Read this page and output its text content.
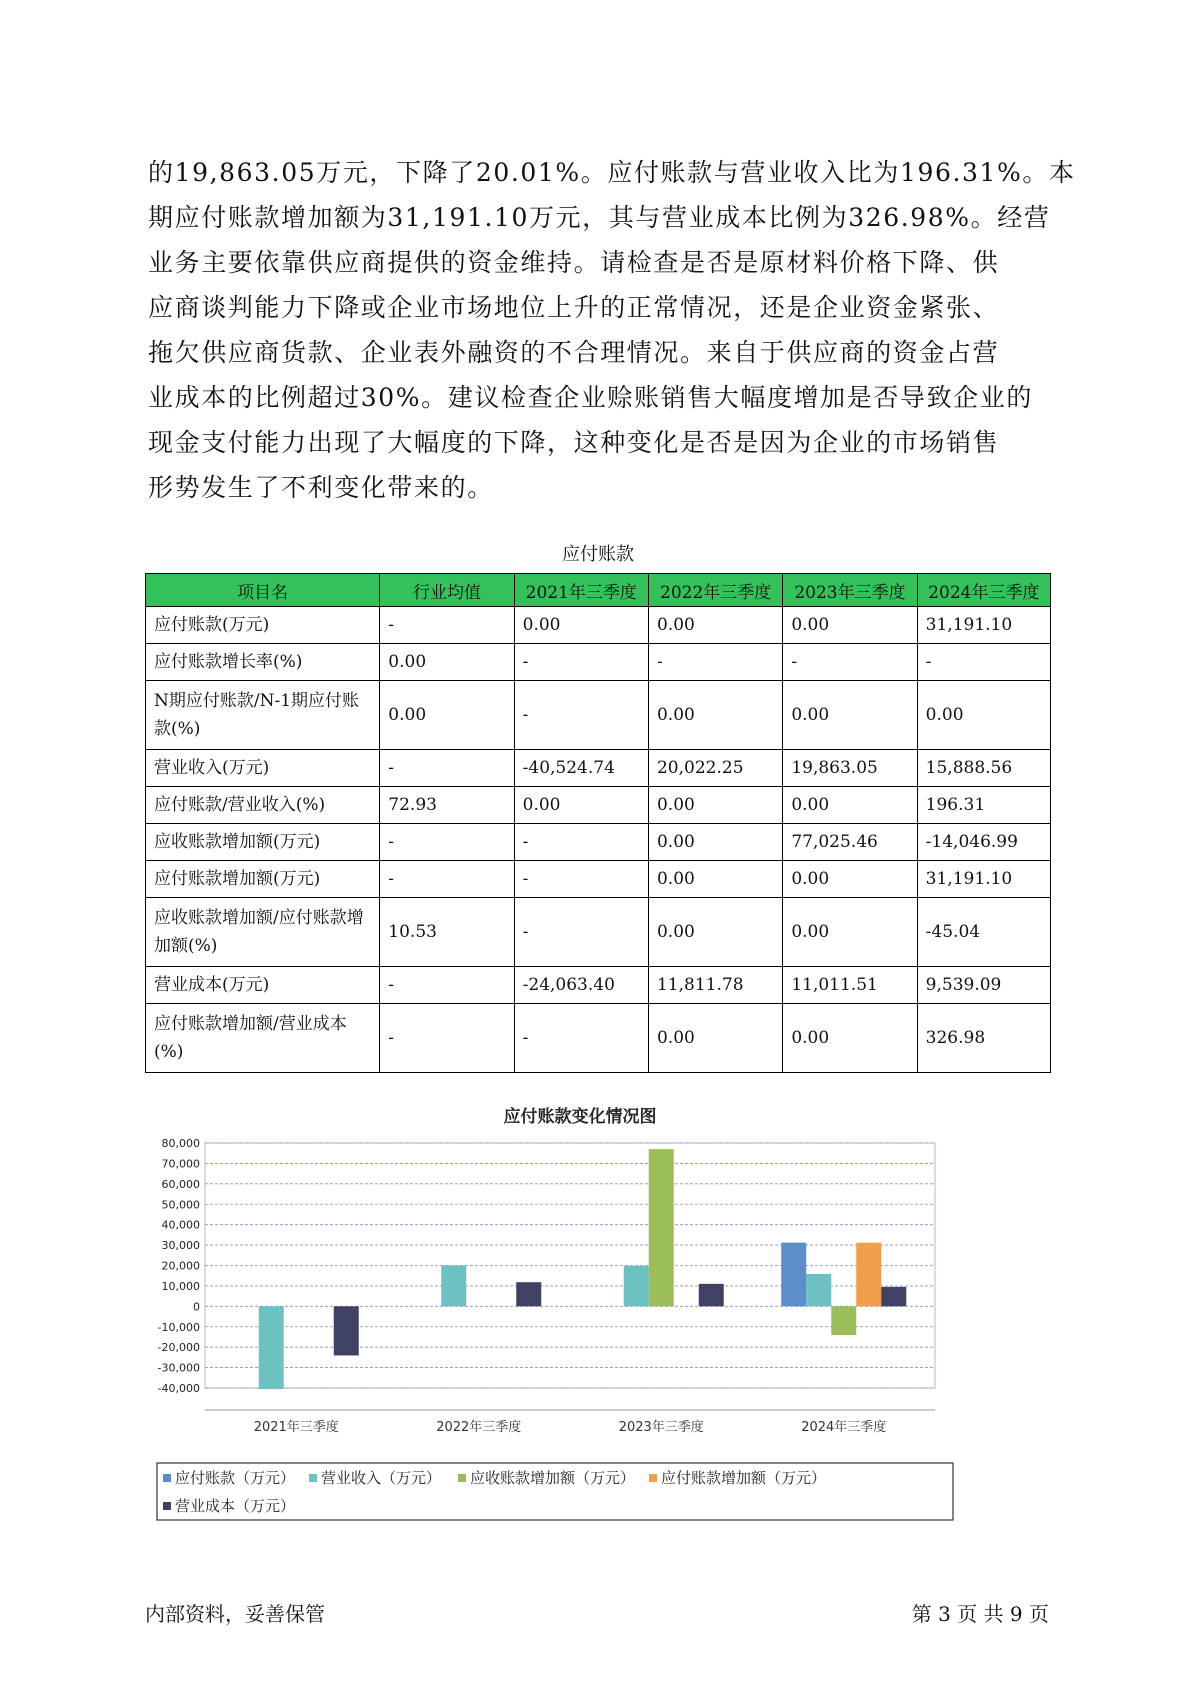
的19,863.05万元，下降了20.01%。应付账款与营业收入比为196.31%。本
期应付账款增加额为31,191.10万元，其与营业成本比例为326.98%。经营
业务主要依靠供应商提供的资金维持。请检查是否是原材料价格下降、供
应商谈判能力下降或企业市场地位上升的正常情况，还是企业资金紧张、
拖欠供应商货款、企业表外融资的不合理情况。来自于供应商的资金占营
业成本的比例超过30%。建议检查企业赊账销售大幅度增加是否导致企业的
现金支付能力出现了大幅度的下降，这种变化是否是因为企业的市场销售
形势发生了不利变化带来的。

应付账款
项目名	行业均值	2021年三季度	2022年三季度	2023年三季度	2024年三季度
应付账款(万元)	-	0.00	0.00	0.00	31,191.10
应付账款增长率(%)	0.00	-	-	-	-
N期应付账款/N-1期应付账款(%)	0.00	-	0.00	0.00	0.00
营业收入(万元)	-	-40,524.74	20,022.25	19,863.05	15,888.56
应付账款/营业收入(%)	72.93	0.00	0.00	0.00	196.31
应收账款增加额(万元)	-	-	0.00	77,025.46	-14,046.99
应付账款增加额(万元)	-	-	0.00	0.00	31,191.10
应收账款增加额/应付账款增加额(%)	10.53	-	0.00	0.00	-45.04
营业成本(万元)	-	-24,063.40	11,811.78	11,011.51	9,539.09
应付账款增加额/营业成本(%)	-	-	0.00	0.00	326.98
应付账款变化情况图
80,000
70,000
60,000
50,000
40,000
30,000
20,000
10,000
0
-10,000
-20,000
-30,000
-40,000
2021年三季度	2022年三季度	2023年三季度	2024年三季度
应付账款（万元） 营业收入（万元） 应收账款增加额（万元） 应付账款增加额（万元）
营业成本（万元）
内部资料，妥善保管	第 3 页 共 9 页
